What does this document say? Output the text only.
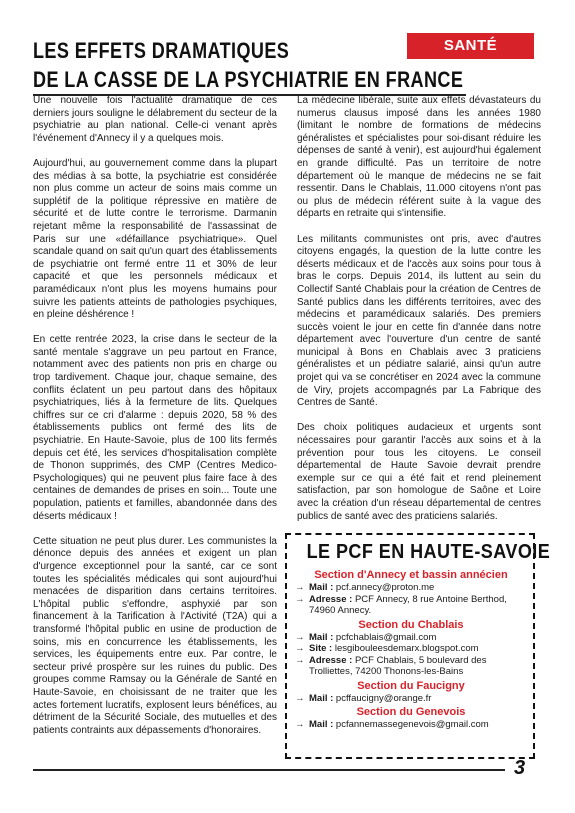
LES EFFETS DRAMATIQUES
DE LA CASSE DE LA PSYCHIATRIE EN FRANCE
SANTÉ

Une nouvelle fois l'actualité dramatique de ces derniers jours souligne le délabrement du secteur de la psychiatrie au plan national. Celle-ci venant après l'événement d'Annecy il y a quelques mois.

Aujourd'hui, au gouvernement comme dans la plupart des médias à sa botte, la psychiatrie est considérée non plus comme un acteur de soins mais comme un supplétif de la politique répressive en matière de sécurité et de lutte contre le terrorisme. Darmanin rejetant même la responsabilité de l'assassinat de Paris sur une «défaillance psychiatrique». Quel scandale quand on sait qu'un quart des établissements de psychiatrie ont fermé entre 11 et 30% de leur capacité et que les personnels médicaux et paramédicaux n'ont plus les moyens humains pour suivre les patients atteints de pathologies psychiques, en pleine déshérence !

En cette rentrée 2023, la crise dans le secteur de la santé mentale s'aggrave un peu partout en France, notamment avec des patients non pris en charge ou trop tardivement. Chaque jour, chaque semaine, des conflits éclatent un peu partout dans des hôpitaux psychiatriques, liés à la fermeture de lits. Quelques chiffres sur ce cri d'alarme : depuis 2020, 58 % des établissements publics ont fermé des lits de psychiatrie. En Haute-Savoie, plus de 100 lits fermés depuis cet été, les services d'hospitalisation complète de Thonon supprimés, des CMP (Centres Medico-Psychologiques) qui ne peuvent plus faire face à des centaines de demandes de prises en soin... Toute une population, patients et familles, abandonnée dans des déserts médicaux !

Cette situation ne peut plus durer. Les communistes la dénonce depuis des années et exigent un plan d'urgence exceptionnel pour la santé, car ce sont toutes les spécialités médicales qui sont aujourd'hui menacées de disparition dans certains territoires. L'hôpital public s'effondre, asphyxié par son financement à la Tarification à l'Activité (T2A) qui a transformé l'hôpital public en usine de production de soins, mis en concurrence les établissements, les services, les équipements entre eux. Par contre, le secteur privé prospère sur les ruines du public. Des groupes comme Ramsay ou la Générale de Santé en Haute-Savoie, en choisissant de ne traiter que les actes fortement lucratifs, explosent leurs bénéfices, au détriment de la Sécurité Sociale, des mutuelles et des patients contraints aux dépassements d'honoraires.

La médecine libérale, suite aux effets dévastateurs du numerus clausus imposé dans les années 1980 (limitant le nombre de formations de médecins généralistes et spécialistes pour soi-disant réduire les dépenses de santé à venir), est aujourd'hui également en grande difficulté. Pas un territoire de notre département où le manque de médecins ne se fait ressentir. Dans le Chablais, 11.000 citoyens n'ont pas ou plus de médecin référent suite à la vague des départs en retraite qui s'intensifie.

Les militants communistes ont pris, avec d'autres citoyens engagés, la question de la lutte contre les déserts médicaux et de l'accès aux soins pour tous à bras le corps. Depuis 2014, ils luttent au sein du Collectif Santé Chablais pour la création de Centres de Santé publics dans les différents territoires, avec des médecins et paramédicaux salariés. Des premiers succès voient le jour en cette fin d'année dans notre département avec l'ouverture d'un centre de santé municipal à Bons en Chablais avec 3 praticiens généralistes et un pédiatre salarié, ainsi qu'un autre projet qui va se concrétiser en 2024 avec la commune de Viry, projets accompagnés par La Fabrique des Centres de Santé.

Des choix politiques audacieux et urgents sont nécessaires pour garantir l'accès aux soins et à la prévention pour tous les citoyens. Le conseil départemental de Haute Savoie devrait prendre exemple sur ce qui a été fait et rend pleinement satisfaction, par son homologue de Saône et Loire avec la création d'un réseau départemental de centres publics de santé avec des praticiens salariés.

LE PCF EN HAUTE-SAVOIE
Section d'Annecy et bassin annécien
→ Mail : pcf.annecy@proton.me
→ Adresse : PCF Annecy, 8 rue Antoine Berthod, 74960 Annecy.
Section du Chablais
→ Mail : pcfchablais@gmail.com
→ Site : lesgibouleesdemarx.blogspot.com
→ Adresse : PCF Chablais, 5 boulevard des Trolliettes, 74200 Thonons-les-Bains
Section du Faucigny
→ Mail : pcffaucigny@orange.fr
Section du Genevois
→ Mail : pcfannemassegenevois@gmail.com
3
